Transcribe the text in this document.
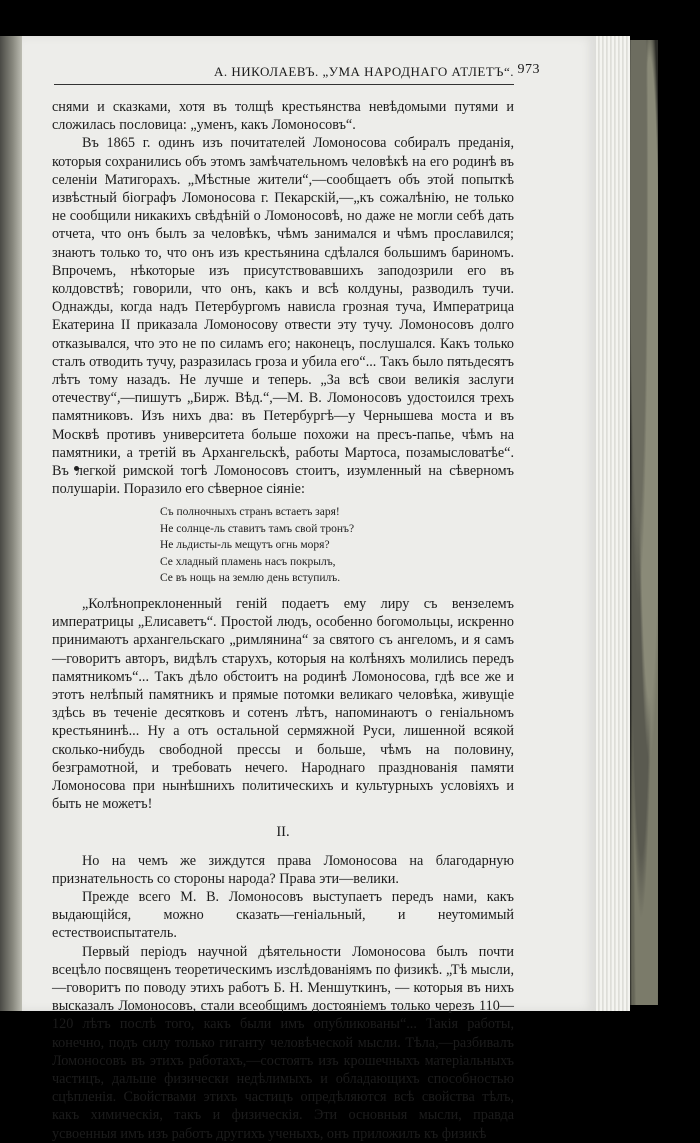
А. НИКОЛАЕВЪ. „УМА НАРОДНАГО АТЛЕТЪ“. 973

снями и сказками, хотя въ толщѣ крестьянства невѣдомыми путями и сложилась пословица: „уменъ, какъ Ломоносовъ“.

Въ 1865 г. одинъ изъ почитателей Ломоносова собиралъ преданія, которыя сохранились объ этомъ замѣчательномъ человѣкѣ на его родинѣ въ селеніи Матигорахъ. „Мѣстные жители“,—сообщаетъ объ этой попыткѣ извѣстный біографъ Ломоносова г. Пекарскій,—„къ сожалѣнію, не только не сообщили никакихъ свѣдѣній о Ломоносовѣ, но даже не могли себѣ дать отчета, что онъ былъ за человѣкъ, чѣмъ занимался и чѣмъ прославился; знаютъ только то, что онъ изъ крестьянина сдѣлался большимъ бариномъ. Впрочемъ, нѣкоторые изъ присутствовавшихъ заподозрили его въ колдовствѣ; говорили, что онъ, какъ и всѣ колдуны, разводилъ тучи. Однажды, когда надъ Петербургомъ нависла грозная туча, Императрица Екатерина II приказала Ломоносову отвести эту тучу. Ломоносовъ долго отказывался, что это не по силамъ его; наконецъ, послушался. Какъ только сталъ отводить тучу, разразилась гроза и убила его“... Такъ было пятьдесятъ лѣтъ тому назадъ. Не лучше и теперь. „За всѣ свои великія заслуги отечеству“,—пишутъ „Бирж. Вѣд.“,—М. В. Ломоносовъ удостоился трехъ памятниковъ. Изъ нихъ два: въ Петербургѣ—у Чернышева моста и въ Москвѣ противъ университета больше похожи на пресъ-папье, чѣмъ на памятники, а третій въ Архангельскѣ, работы Мартоса, позамысловатѣе“. Въ легкой римской тогѣ Ломоносовъ стоитъ, изумленный на сѣверномъ полушаріи. Поразило его сѣверное сіяніе:

Съ полночныхъ странъ встаетъ заря!
Не солнце-ль ставитъ тамъ свой тронъ?
Не льдисты-ль мещутъ огнь моря?
Се хладный пламень насъ покрылъ,
Се въ нощь на землю день вступилъ.

„Колѣнопреклоненный геній подаетъ ему лиру съ вензелемъ императрицы „Елисаветъ“. Простой людъ, особенно богомольцы, искренно принимаютъ архангельскаго „римлянина“ за святого съ ангеломъ, и я самъ—говоритъ авторъ, видѣлъ старухъ, которыя на колѣняхъ молились передъ памятникомъ“... Такъ дѣло обстоитъ на родинѣ Ломоносова, гдѣ все же и этотъ нелѣпый памятникъ и прямые потомки великаго человѣка, живущіе здѣсь въ теченіе десятковъ и сотенъ лѣтъ, напоминаютъ о геніальномъ крестьянинѣ... Ну а отъ остальной сермяжной Руси, лишенной всякой сколько-нибудь свободной прессы и больше, чѣмъ на половину, безграмотной, и требовать нечего. Народнаго празднованія памяти Ломоносова при нынѣшнихъ политическихъ и культурныхъ условіяхъ и быть не можетъ!

II.

Но на чемъ же зиждутся права Ломоносова на благодарную признательность со стороны народа? Права эти—велики.

Прежде всего М. В. Ломоносовъ выступаетъ передъ нами, какъ выдающійся, можно сказать—геніальный, и неутомимый естествоиспытатель.

Первый періодъ научной дѣятельности Ломоносова былъ почти всецѣло посвященъ теоретическимъ изслѣдованіямъ по физикѣ. „Тѣ мысли,—говоритъ по поводу этихъ работъ Б. Н. Меншуткинъ, — которыя въ нихъ высказалъ Ломоносовъ, стали всеобщимъ достояніемъ только черезъ 110—120 лѣтъ послѣ того, какъ были имъ опубликованы“... Такія работы, конечно, подъ силу только гиганту человѣческой мысли. Тѣла,—разбивалъ Ломоносовъ въ этихъ работахъ,—состоятъ изъ крошечныхъ матеріальныхъ частицъ, дальше физически недѣлимыхъ и обладающихъ способностью сцѣпленія. Свойствами этихъ частицъ опредѣляются всѣ свойства тѣлъ, какъ химическія, такъ и физическія. Эти основныя мысли, правда усвоенныя имъ изъ работъ другихъ ученыхъ, онъ приложилъ къ физикѣ
